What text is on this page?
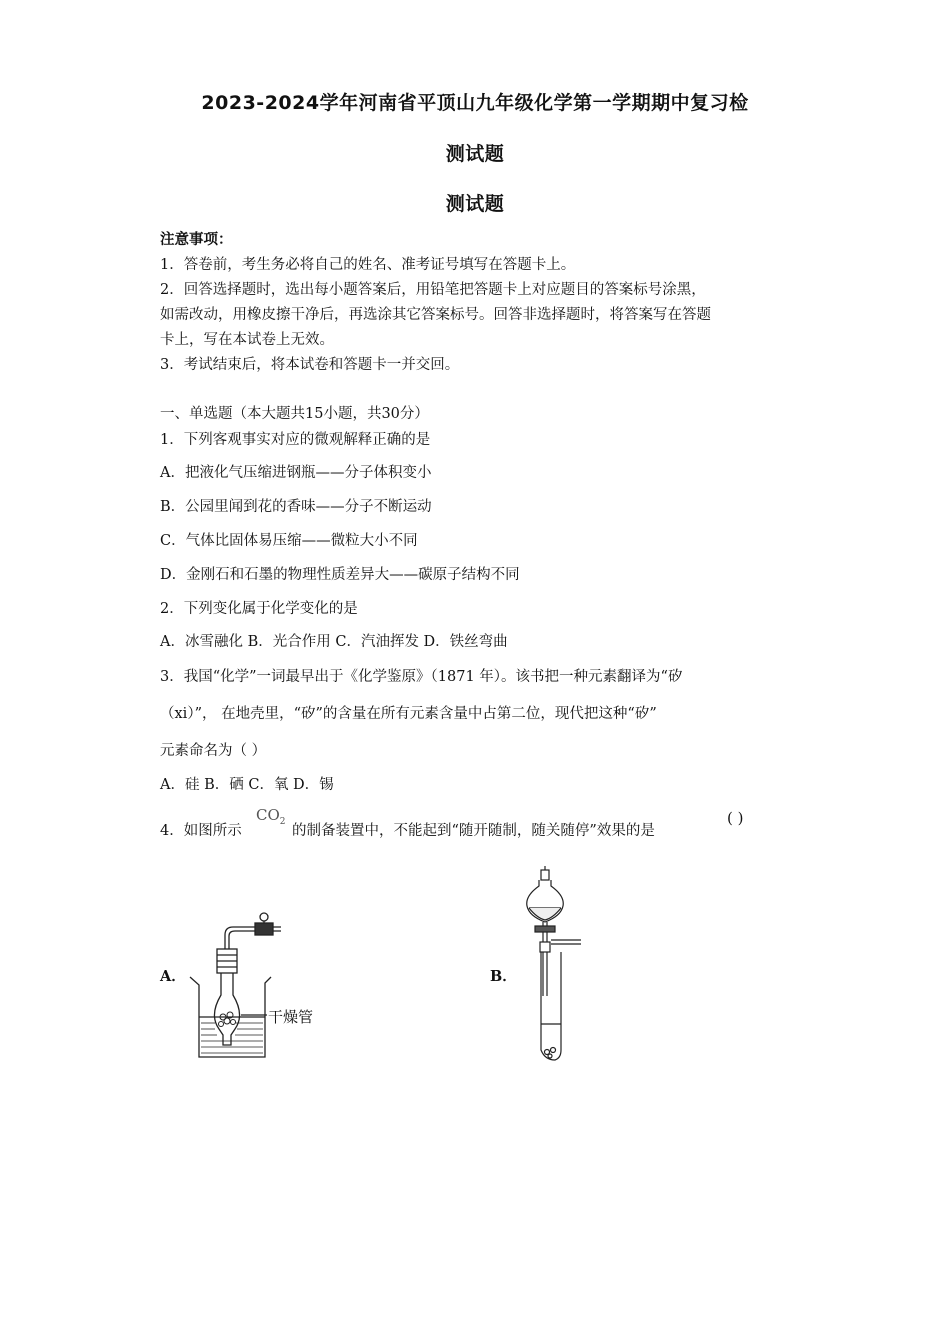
2023-2024学年河南省平顶山九年级化学第一学期期中复习检
测试题
测试题
注意事项：
1．答卷前，考生务必将自己的姓名、准考证号填写在答题卡上。
2．回答选择题时，选出每小题答案后，用铅笔把答题卡上对应题目的答案标号涂黑，
如需改动，用橡皮擦干净后，再选涂其它答案标号。回答非选择题时，将答案写在答题
卡上，写在本试卷上无效。
3．考试结束后，将本试卷和答题卡一并交回。
一、单选题（本大题共15小题，共30分）
1．下列客观事实对应的微观解释正确的是
A．把液化气压缩进钢瓶——分子体积变小
B．公园里闻到花的香味——分子不断运动
C．气体比固体易压缩——微粒大小不同
D．金刚石和石墨的物理性质差异大——碳原子结构不同
2．下列变化属于化学变化的是
A．冰雪融化 B．光合作用 C．汽油挥发 D．铁丝弯曲
3．我国“化学”一词最早出于《化学鉴原》（1871 年）。该书把一种元素翻译为“矽
（xi）”， 在地壳里，“矽”的含量在所有元素含量中占第二位，现代把这种“矽”
元素命名为（ ）
A．硅 B．硒 C．氧 D．锡
4．如图所示
$CO_2$
的制备装置中，不能起到“随开随制，随关随停”效果的是
( )
A．	B．
干燥管
